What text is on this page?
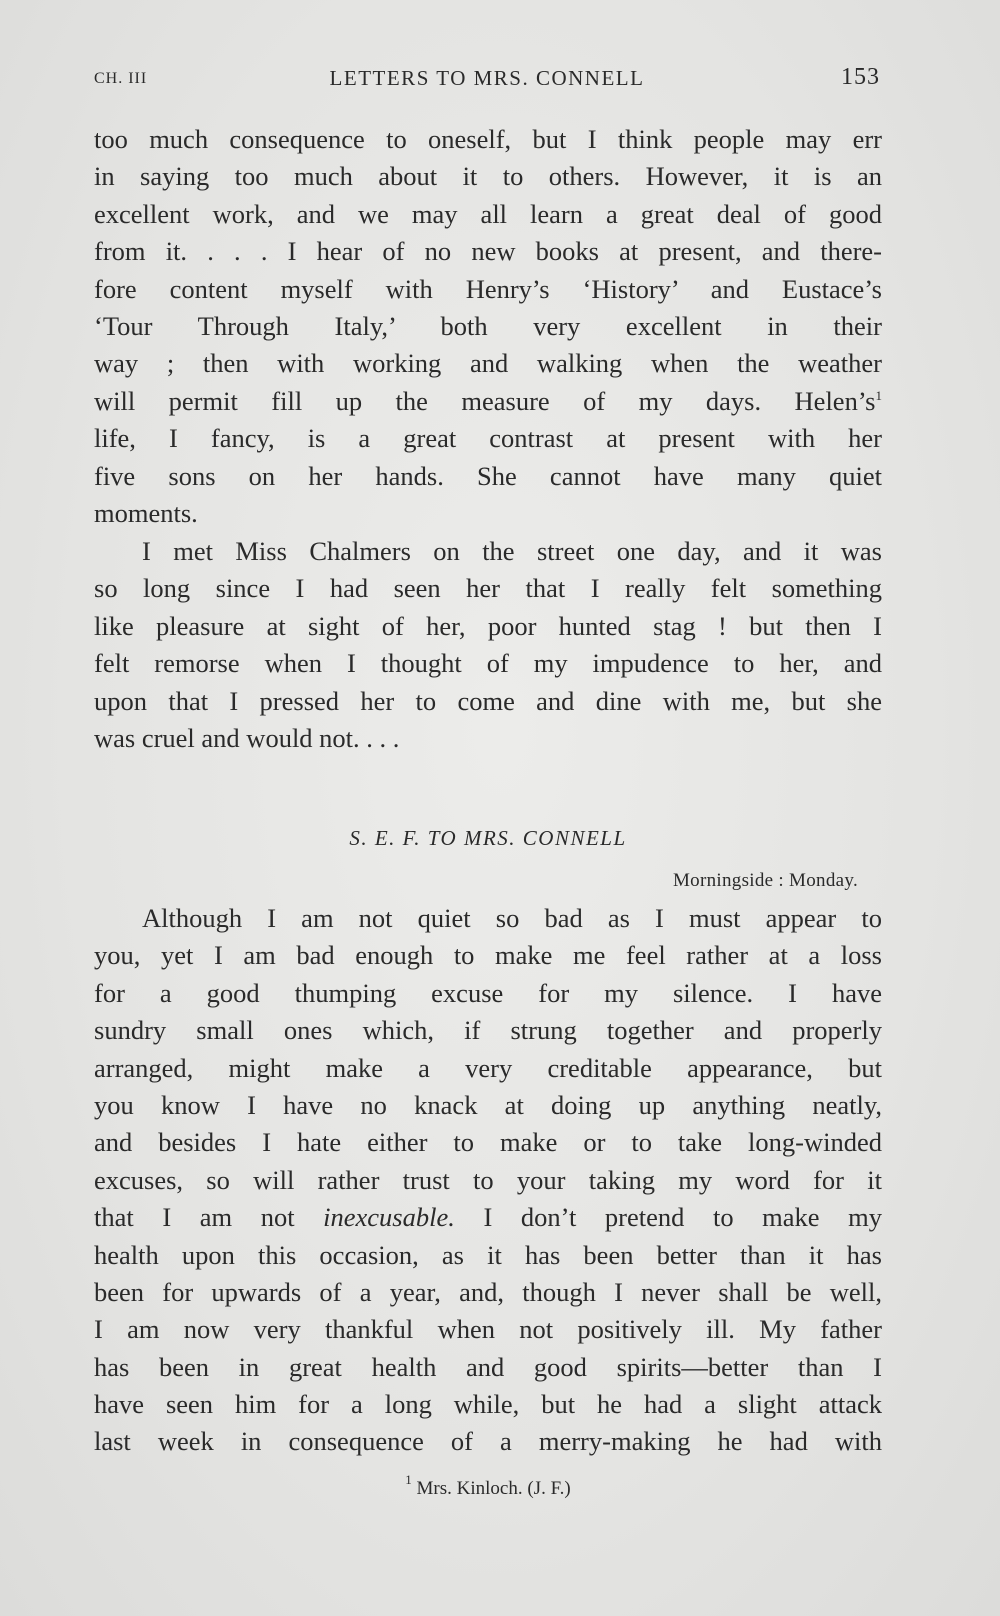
CH. III	LETTERS TO MRS. CONNELL	153
too much consequence to oneself, but I think people may err
in saying too much about it to others. However, it is an
excellent work, and we may all learn a great deal of good
from it. . . . I hear of no new books at present, and there-
fore content myself with Henry’s ‘History’ and Eustace’s
‘Tour Through Italy,’ both very excellent in their
way ; then with working and walking when the weather
will permit fill up the measure of my days. $Helen’s^1$
life, I fancy, is a great contrast at present with her
five sons on her hands. She cannot have many quiet
moments.
I met Miss Chalmers on the street one day, and it was
so long since I had seen her that I really felt something
like pleasure at sight of her, poor hunted stag ! but then I
felt remorse when I thought of my impudence to her, and
upon that I pressed her to come and dine with me, but she
was cruel and would not. . . .
S. E. F. TO MRS. CONNELL
Morningside : Monday.
Although I am not quiet so bad as I must appear to
you, yet I am bad enough to make me feel rather at a loss
for a good thumping excuse for my silence. I have
sundry small ones which, if strung together and properly
arranged, might make a very creditable appearance, but
you know I have no knack at doing up anything neatly,
and besides I hate either to make or to take long-winded
excuses, so will rather trust to your taking my word for it
that I am not inexcusable. I don’t pretend to make my
health upon this occasion, as it has been better than it has
been for upwards of a year, and, though I never shall be well,
I am now very thankful when not positively ill. My father
has been in great health and good spirits—better than I
have seen him for a long while, but he had a slight attack
last week in consequence of a merry-making he had with
$^1$ Mrs. Kinloch. (J. F.)
